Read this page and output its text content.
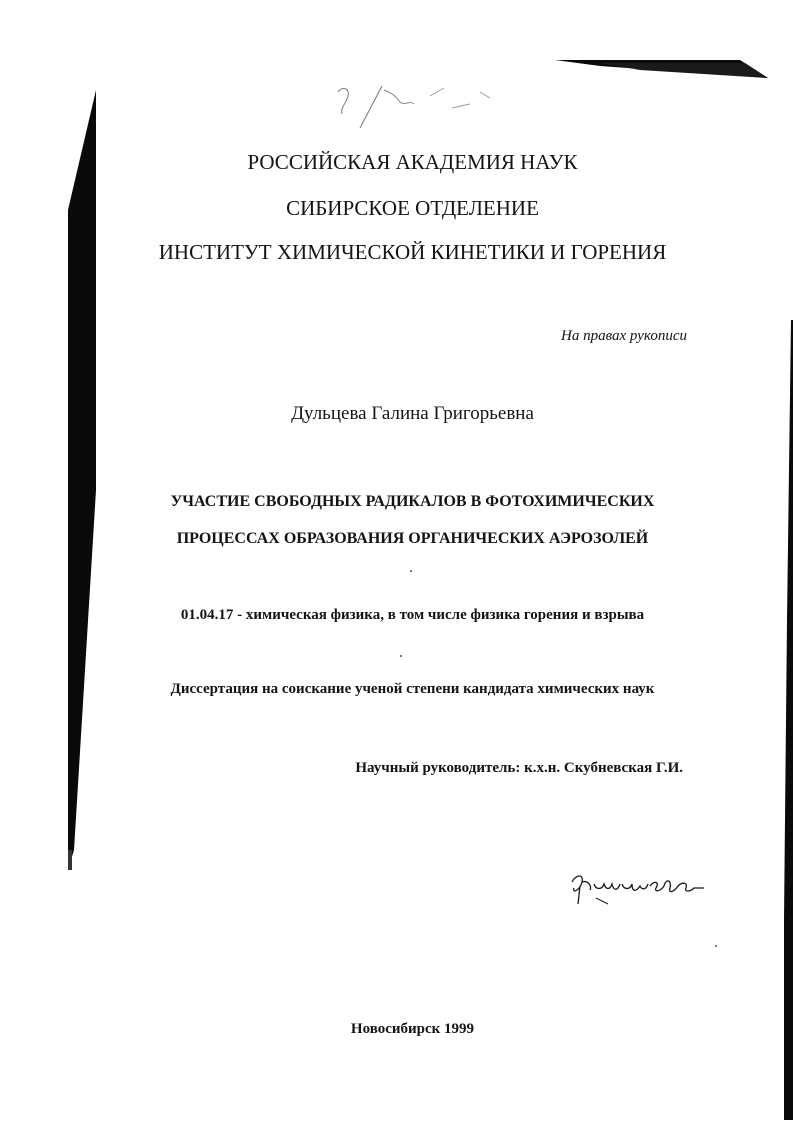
РОССИЙСКАЯ АКАДЕМИЯ НАУК
СИБИРСКОЕ ОТДЕЛЕНИЕ
ИНСТИТУТ ХИМИЧЕСКОЙ КИНЕТИКИ И ГОРЕНИЯ
На правах рукописи
Дульцева Галина Григорьевна
УЧАСТИЕ СВОБОДНЫХ РАДИКАЛОВ В ФОТОХИМИЧЕСКИХ
ПРОЦЕССАХ ОБРАЗОВАНИЯ ОРГАНИЧЕСКИХ АЭРОЗОЛЕЙ
01.04.17 - химическая физика, в том числе физика горения и взрыва
Диссертация на соискание ученой степени кандидата химических наук
Научный руководитель: к.х.н. Скубневская Г.И.
Новосибирск 1999
